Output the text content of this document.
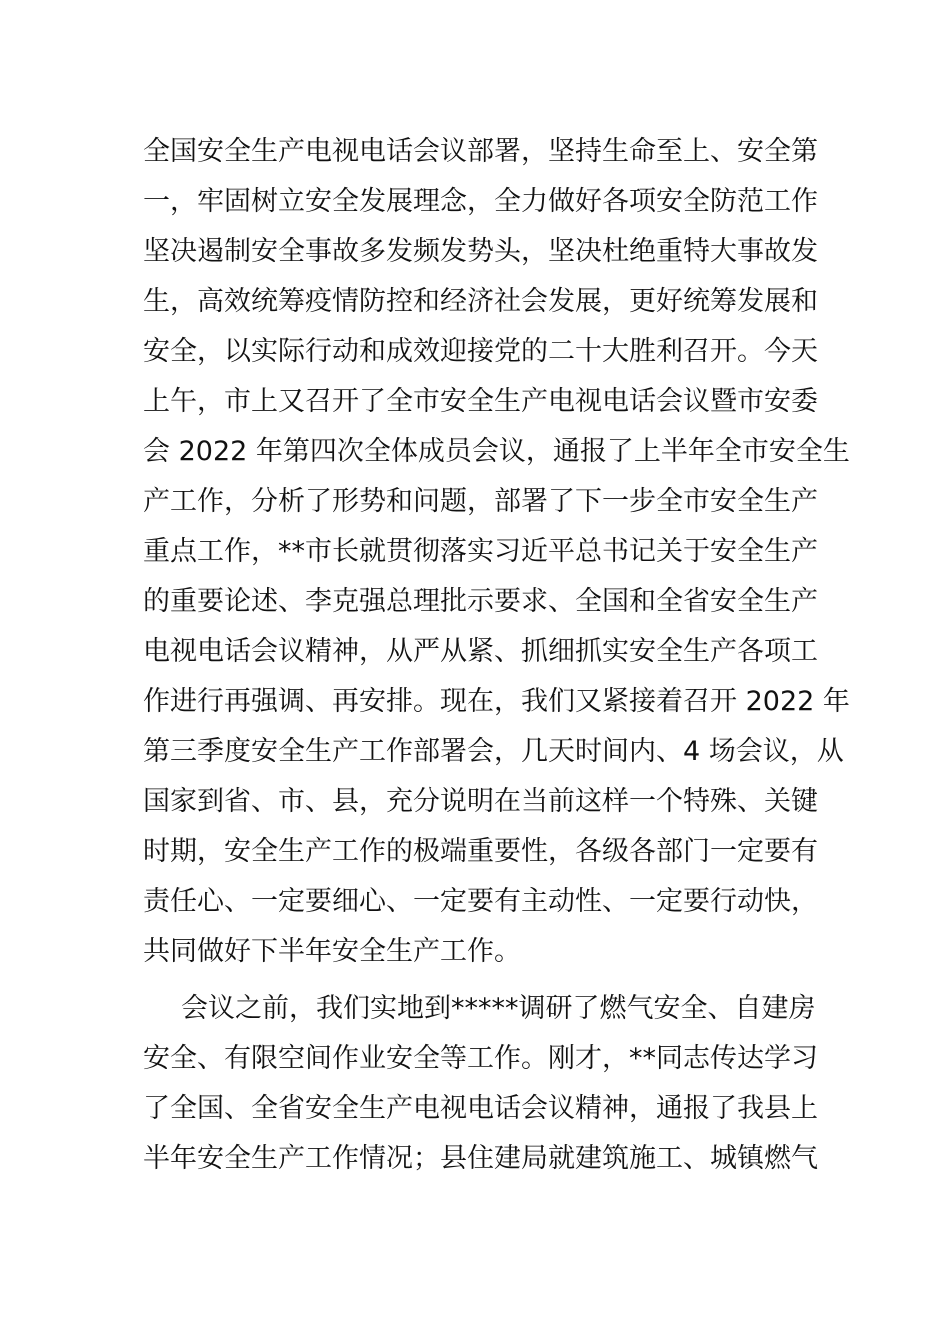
全国安全生产电视电话会议部署，坚持生命至上、安全第

一，牢固树立安全发展理念，全力做好各项安全防范工作

坚决遏制安全事故多发频发势头，坚决杜绝重特大事故发

生，高效统筹疫情防控和经济社会发展，更好统筹发展和

安全，以实际行动和成效迎接党的二十大胜利召开。今天

上午，市上又召开了全市安全生产电视电话会议暨市安委

会 2022 年第四次全体成员会议，通报了上半年全市安全生

产工作，分析了形势和问题，部署了下一步全市安全生产

重点工作，**市长就贯彻落实习近平总书记关于安全生产

的重要论述、李克强总理批示要求、全国和全省安全生产

电视电话会议精神，从严从紧、抓细抓实安全生产各项工

作进行再强调、再安排。现在，我们又紧接着召开 2022 年

第三季度安全生产工作部署会，几天时间内、4 场会议，从

国家到省、市、县，充分说明在当前这样一个特殊、关键

时期，安全生产工作的极端重要性，各级各部门一定要有

责任心、一定要细心、一定要有主动性、一定要行动快，

共同做好下半年安全生产工作。

会议之前，我们实地到*****调研了燃气安全、自建房

安全、有限空间作业安全等工作。刚才，**同志传达学习

了全国、全省安全生产电视电话会议精神，通报了我县上

半年安全生产工作情况；县住建局就建筑施工、城镇燃气
